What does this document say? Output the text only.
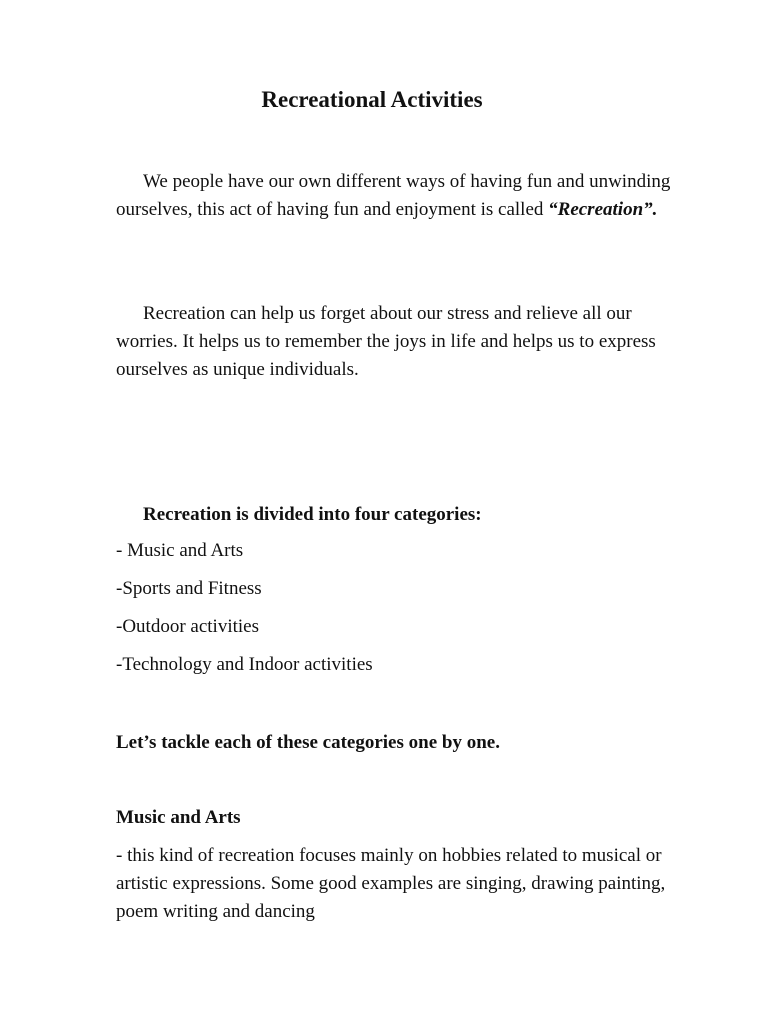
Recreational Activities

We people have our own different ways of having fun and unwinding ourselves, this act of having fun and enjoyment is called “Recreation”.

Recreation can help us forget about our stress and relieve all our worries. It helps us to remember the joys in life and helps us to express ourselves as unique individuals.

Recreation is divided into four categories:

- Music and Arts
-Sports and Fitness
-Outdoor activities
-Technology and Indoor activities

Let’s tackle each of these categories one by one.

Music and Arts

- this kind of recreation focuses mainly on hobbies related to musical or artistic expressions. Some good examples are singing, drawing painting, poem writing and dancing
